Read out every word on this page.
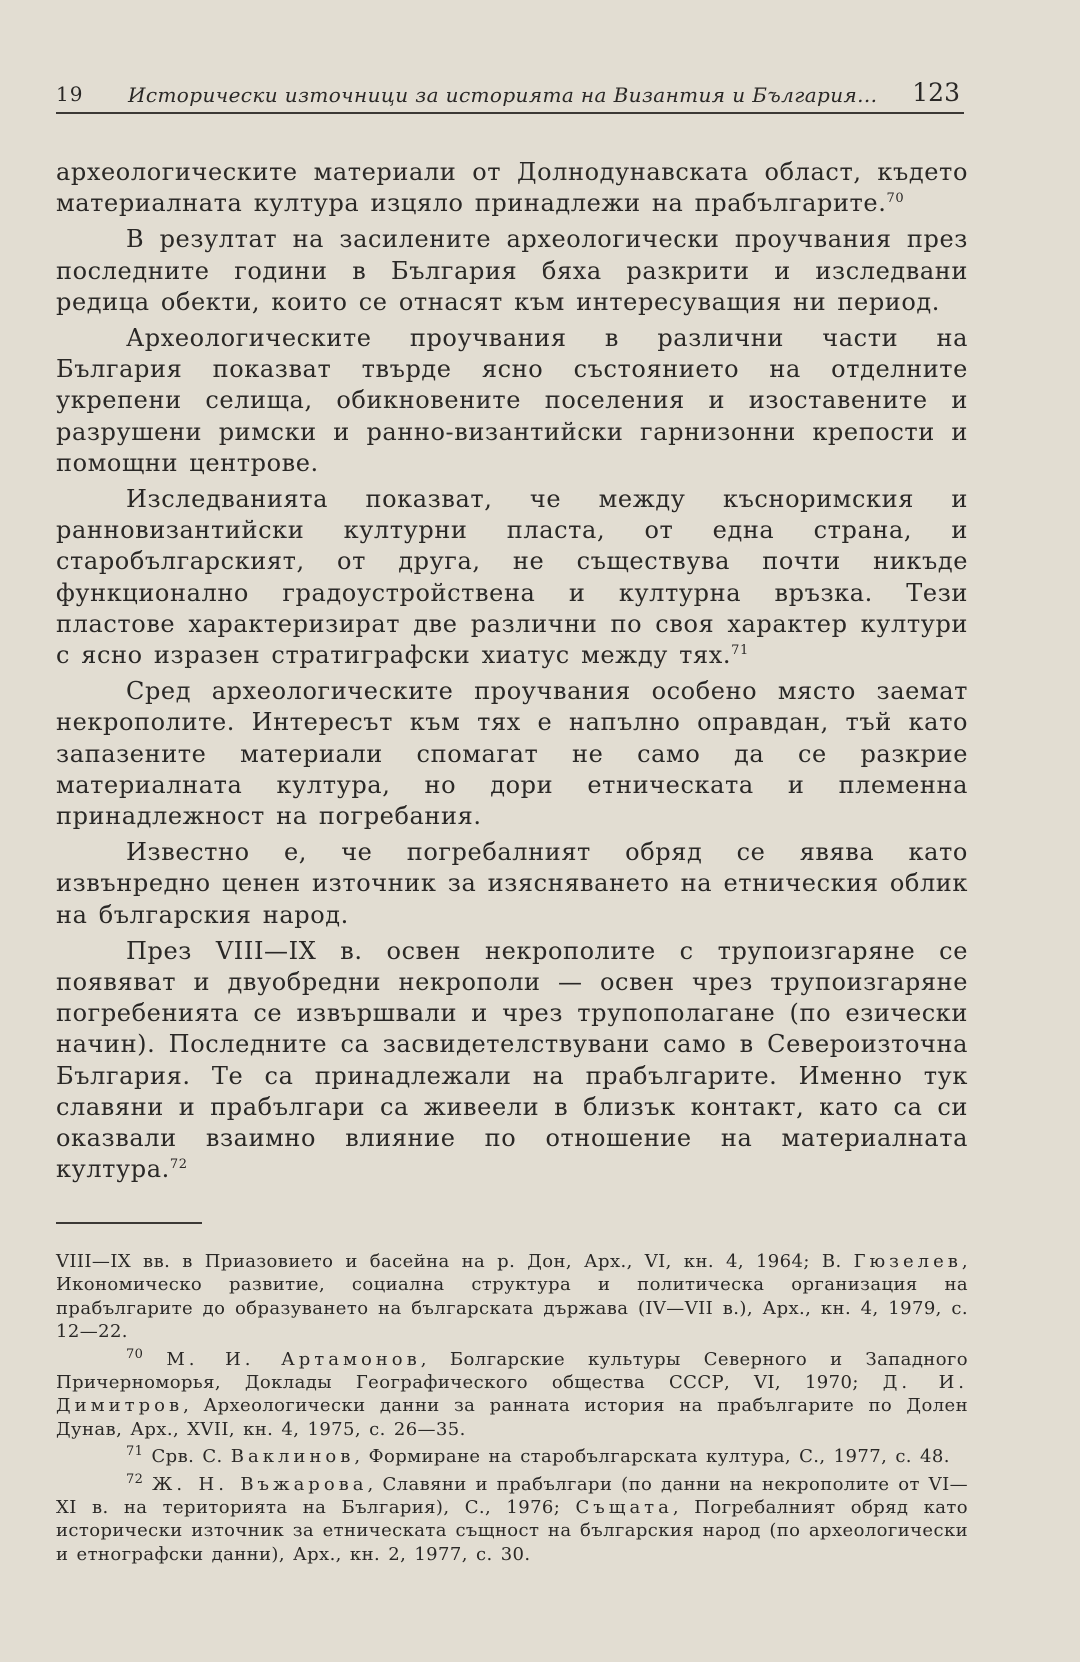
19 Исторически източници за историята на Византия и България... 123

археологическите материали от Долнодунавската област, където материалната култура изцяло принадлежи на прабългарите.$^{70}$

В резултат на засилените археологически проучвания през последните години в България бяха разкрити и изследвани редица обекти, които се отнасят към интересуващия ни период.

Археологическите проучвания в различни части на България показват твърде ясно състоянието на отделните укрепени селища, обикновените поселения и изоставените и разрушени римски и ранно-византийски гарнизонни крепости и помощни центрове.

Изследванията показват, че между къснoримския и ранновизантийски културни пласта, от една страна, и старобългарският, от друга, не съществува почти никъде функционално градоустройствена и културна връзка. Тези пластове характеризират две различни по своя характер култури с ясно изразен стратиграфски хиатус между тях.$^{71}$

Сред археологическите проучвания особено място заемат некрополите. Интересът към тях е напълно оправдан, тъй като запазените материали спомагат не само да се разкрие материалната култура, но дори етническата и племенна принадлежност на погребания.

Известно е, че погребалният обряд се явява като извънредно ценен източник за изясняването на етническия облик на българския народ.

През VIII—IX в. освен некрополите с трупоизгаряне се появяват и двуобредни некрополи — освен чрез трупоизгаряне погребенията се извършвали и чрез трупополагане (по езически начин). Последните са засвидетелствувани само в Североизточна България. Те са принадлежали на прабългарите. Именно тук славяни и прабългари са живеели в близък контакт, като са си оказвали взаимно влияние по отношение на материалната култура.$^{72}$

VIII—IX вв. в Приазовието и басейна на р. Дон, Арх., VI, кн. 4, 1964; В. Гюзелев, Икономическо развитие, социална структура и политическа организация на прабългарите до образуването на българската държава (IV—VII в.), Арх., кн. 4, 1979, с. 12—22.

$^{70}$ М. И. Артамонов, Болгарские культуры Северного и Западного Причерноморья, Доклады Географического общества СССР, VI, 1970; Д. И. Димитров, Археологически данни за ранната история на прабългарите по Долен Дунав, Арх., XVII, кн. 4, 1975, с. 26—35.

$^{71}$ Срв. С. Ваклинов, Формиране на старобългарската култура, С., 1977, с. 48.

$^{72}$ Ж. Н. Въжарова, Славяни и прабългари (по данни на некрополите от VI—XI в. на територията на България), С., 1976; Същата, Погребалният обряд като исторически източник за етническата същност на българския народ (по археологически и етнографски данни), Арх., кн. 2, 1977, с. 30.
